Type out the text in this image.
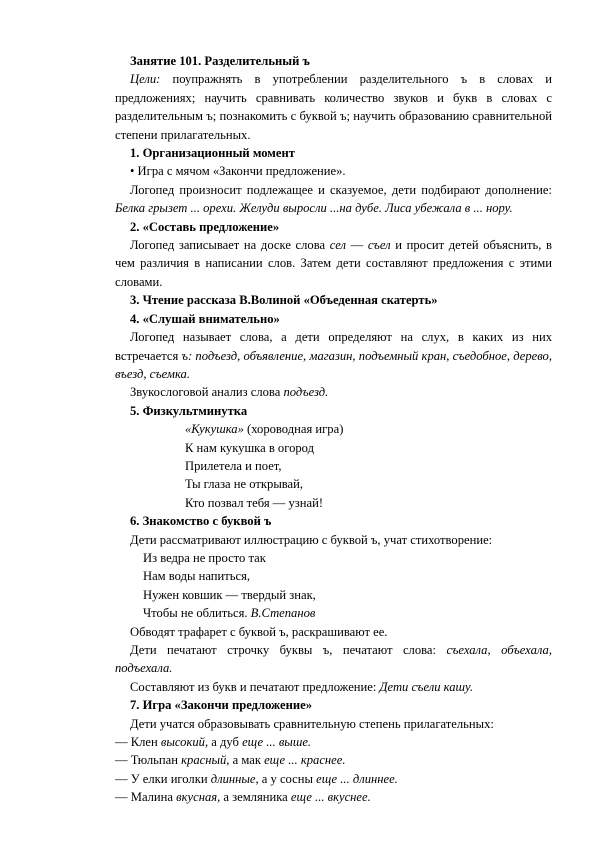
Занятие 101. Разделительный ъ

Цели: поупражнять в употреблении разделительного ъ в словах и предложениях; научить сравнивать количество звуков и букв в словах с разделительным ъ; познакомить с буквой ъ; научить образованию сравнительной степени прилагательных.

1. Организационный момент

• Игра с мячом «Закончи предложение».

Логопед произносит подлежащее и сказуемое, дети подбирают дополнение: Белка грызет ... орехи. Желуди выросли ...на дубе. Лиса убежала в ... нору.

2. «Составь предложение»

Логопед записывает на доске слова сел — съел и просит детей объяснить, в чем различия в написании слов. Затем дети составляют предложения с этими словами.

3. Чтение рассказа В.Волиной «Объеденная скатерть»

4. «Слушай внимательно»

Логопед называет слова, а дети определяют на слух, в каких из них встречается ъ: подъезд, объявление, магазин, подъемный кран, съедобное, дерево, въезд, съемка.

Звукослоговой анализ слова подъезд.

5. Физкультминутка

«Кукушка» (хороводная игра)

К нам кукушка в огород

Прилетела и поет,

Ты глаза не открывай,

Кто позвал тебя — узнай!

6. Знакомство с буквой ъ

Дети рассматривают иллюстрацию с буквой ъ, учат стихотворение:

Из ведра не просто так

Нам воды напиться,

Нужен ковшик — твердый знак,

Чтобы не облиться. В.Степанов

Обводят трафарет с буквой ъ, раскрашивают ее.

Дети печатают строчку буквы ъ, печатают слова: съехала, объехала, подъехала.

Составляют из букв и печатают предложение: Дети съели кашу.

7. Игра «Закончи предложение»

Дети учатся образовывать сравнительную степень прилагательных:

— Клен высокий, а дуб еще ... выше.

— Тюльпан красный, а мак еще ... краснее.

— У елки иголки длинные, а у сосны еще ... длиннее.

— Малина вкусная, а земляника еще ... вкуснее.
